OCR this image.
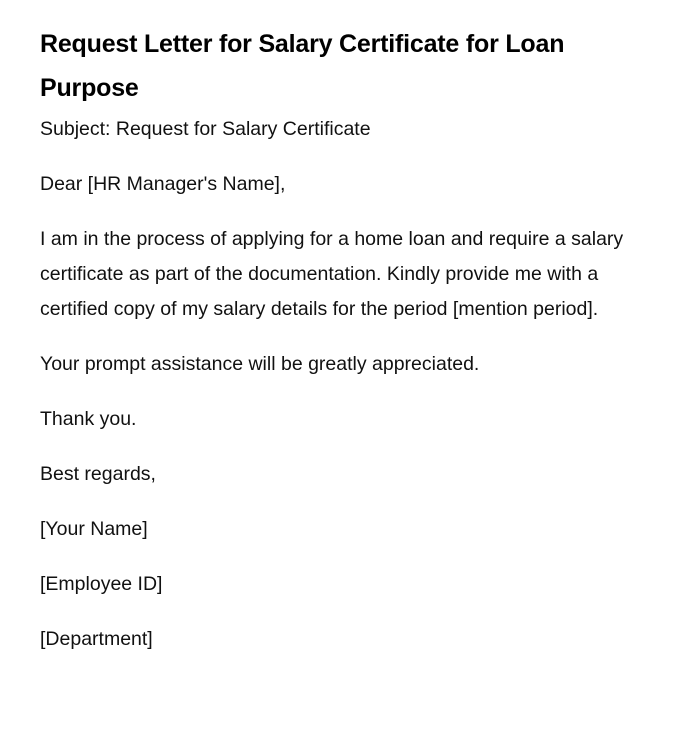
Request Letter for Salary Certificate for Loan Purpose

Subject: Request for Salary Certificate

Dear [HR Manager's Name],

I am in the process of applying for a home loan and require a salary certificate as part of the documentation. Kindly provide me with a certified copy of my salary details for the period [mention period].

Your prompt assistance will be greatly appreciated.

Thank you.

Best regards,

[Your Name]

[Employee ID]

[Department]
